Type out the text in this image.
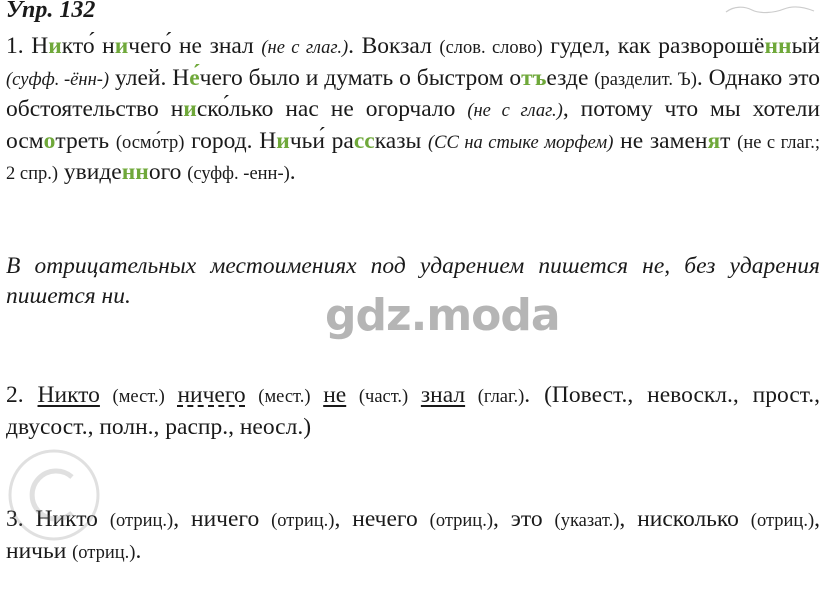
Упр. 132
1. Никто́ ничего́ не знал (не с глаг.). Вокзал (слов. слово) гудел, как разворошенный (суфф. -ённ-) улей. Не́чего было и думать о быстром отъезде (разделит. Ъ). Однако это обстоятельство ниско́лько нас не огорчало (не с глаг.), потому что мы хотели осмотреть (осмо́тр) город. Ничьи́ рассказы (СС на стыке морфем) не заменят (не с глаг.; 2 спр.) увиденного (суфф. -енн-).
В отрицательных местоимениях под ударением пишется не, без ударения пишется ни.
2. Никто (мест.) ничего (мест.) не (част.) знал (глаг.). (Повест., невоскл., прост., двусост., полн., распр., неосл.)
3. Никто (отриц.), ничего (отриц.), нечего (отриц.), это (указат.), нисколько (отриц.), ничьи (отриц.).
gdz.moda
